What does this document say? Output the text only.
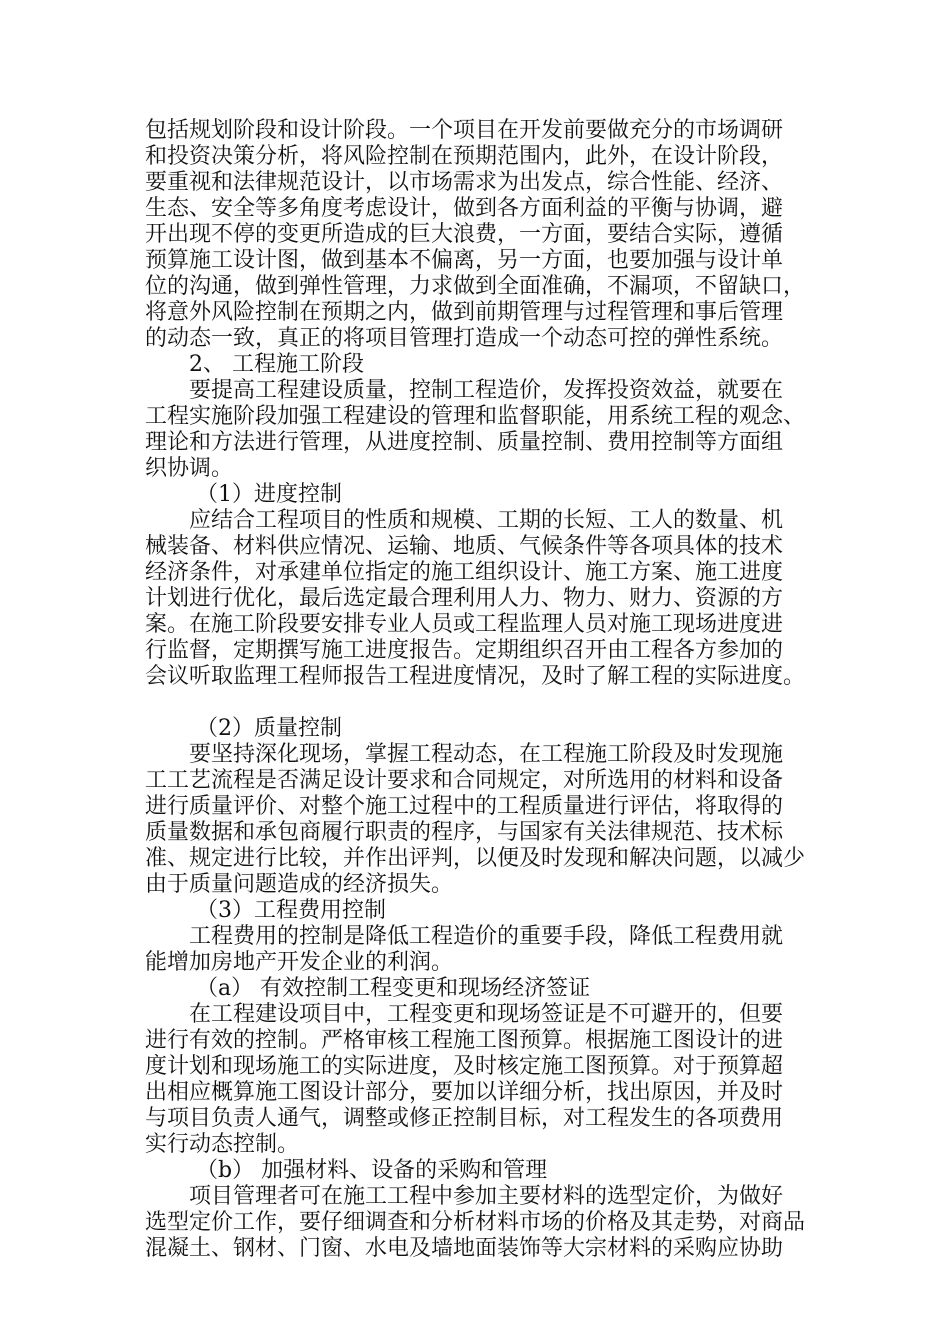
包括规划阶段和设计阶段。一个项目在开发前要做充分的市场调研
和投资决策分析，将风险控制在预期范围内，此外，在设计阶段，
要重视和法律规范设计，以市场需求为出发点，综合性能、经济、
生态、安全等多角度考虑设计，做到各方面利益的平衡与协调，避
开出现不停的变更所造成的巨大浪费，一方面，要结合实际，遵循
预算施工设计图，做到基本不偏离，另一方面，也要加强与设计单
位的沟通，做到弹性管理，力求做到全面准确，不漏项，不留缺口，
将意外风险控制在预期之内，做到前期管理与过程管理和事后管理
的动态一致，真正的将项目管理打造成一个动态可控的弹性系统。
2、 工程施工阶段
要提高工程建设质量，控制工程造价，发挥投资效益，就要在
工程实施阶段加强工程建设的管理和监督职能，用系统工程的观念、
理论和方法进行管理，从进度控制、质量控制、费用控制等方面组
织协调。
（1）进度控制
应结合工程项目的性质和规模、工期的长短、工人的数量、机
械装备、材料供应情况、运输、地质、气候条件等各项具体的技术
经济条件，对承建单位指定的施工组织设计、施工方案、施工进度
计划进行优化，最后选定最合理利用人力、物力、财力、资源的方
案。在施工阶段要安排专业人员或工程监理人员对施工现场进度进
行监督，定期撰写施工进度报告。定期组织召开由工程各方参加的
会议听取监理工程师报告工程进度情况，及时了解工程的实际进度。
（2）质量控制
要坚持深化现场，掌握工程动态，在工程施工阶段及时发现施
工工艺流程是否满足设计要求和合同规定，对所选用的材料和设备
进行质量评价、对整个施工过程中的工程质量进行评估，将取得的
质量数据和承包商履行职责的程序，与国家有关法律规范、技术标
准、规定进行比较，并作出评判，以便及时发现和解决问题，以减少
由于质量问题造成的经济损失。
（3）工程费用控制
工程费用的控制是降低工程造价的重要手段，降低工程费用就
能增加房地产开发企业的利润。
（a） 有效控制工程变更和现场经济签证
在工程建设项目中，工程变更和现场签证是不可避开的，但要
进行有效的控制。严格审核工程施工图预算。根据施工图设计的进
度计划和现场施工的实际进度，及时核定施工图预算。对于预算超
出相应概算施工图设计部分，要加以详细分析，找出原因，并及时
与项目负责人通气，调整或修正控制目标，对工程发生的各项费用
实行动态控制。
（b） 加强材料、设备的采购和管理
项目管理者可在施工工程中参加主要材料的选型定价，为做好
选型定价工作，要仔细调查和分析材料市场的价格及其走势，对商品
混凝土、钢材、门窗、水电及墙地面装饰等大宗材料的采购应协助
